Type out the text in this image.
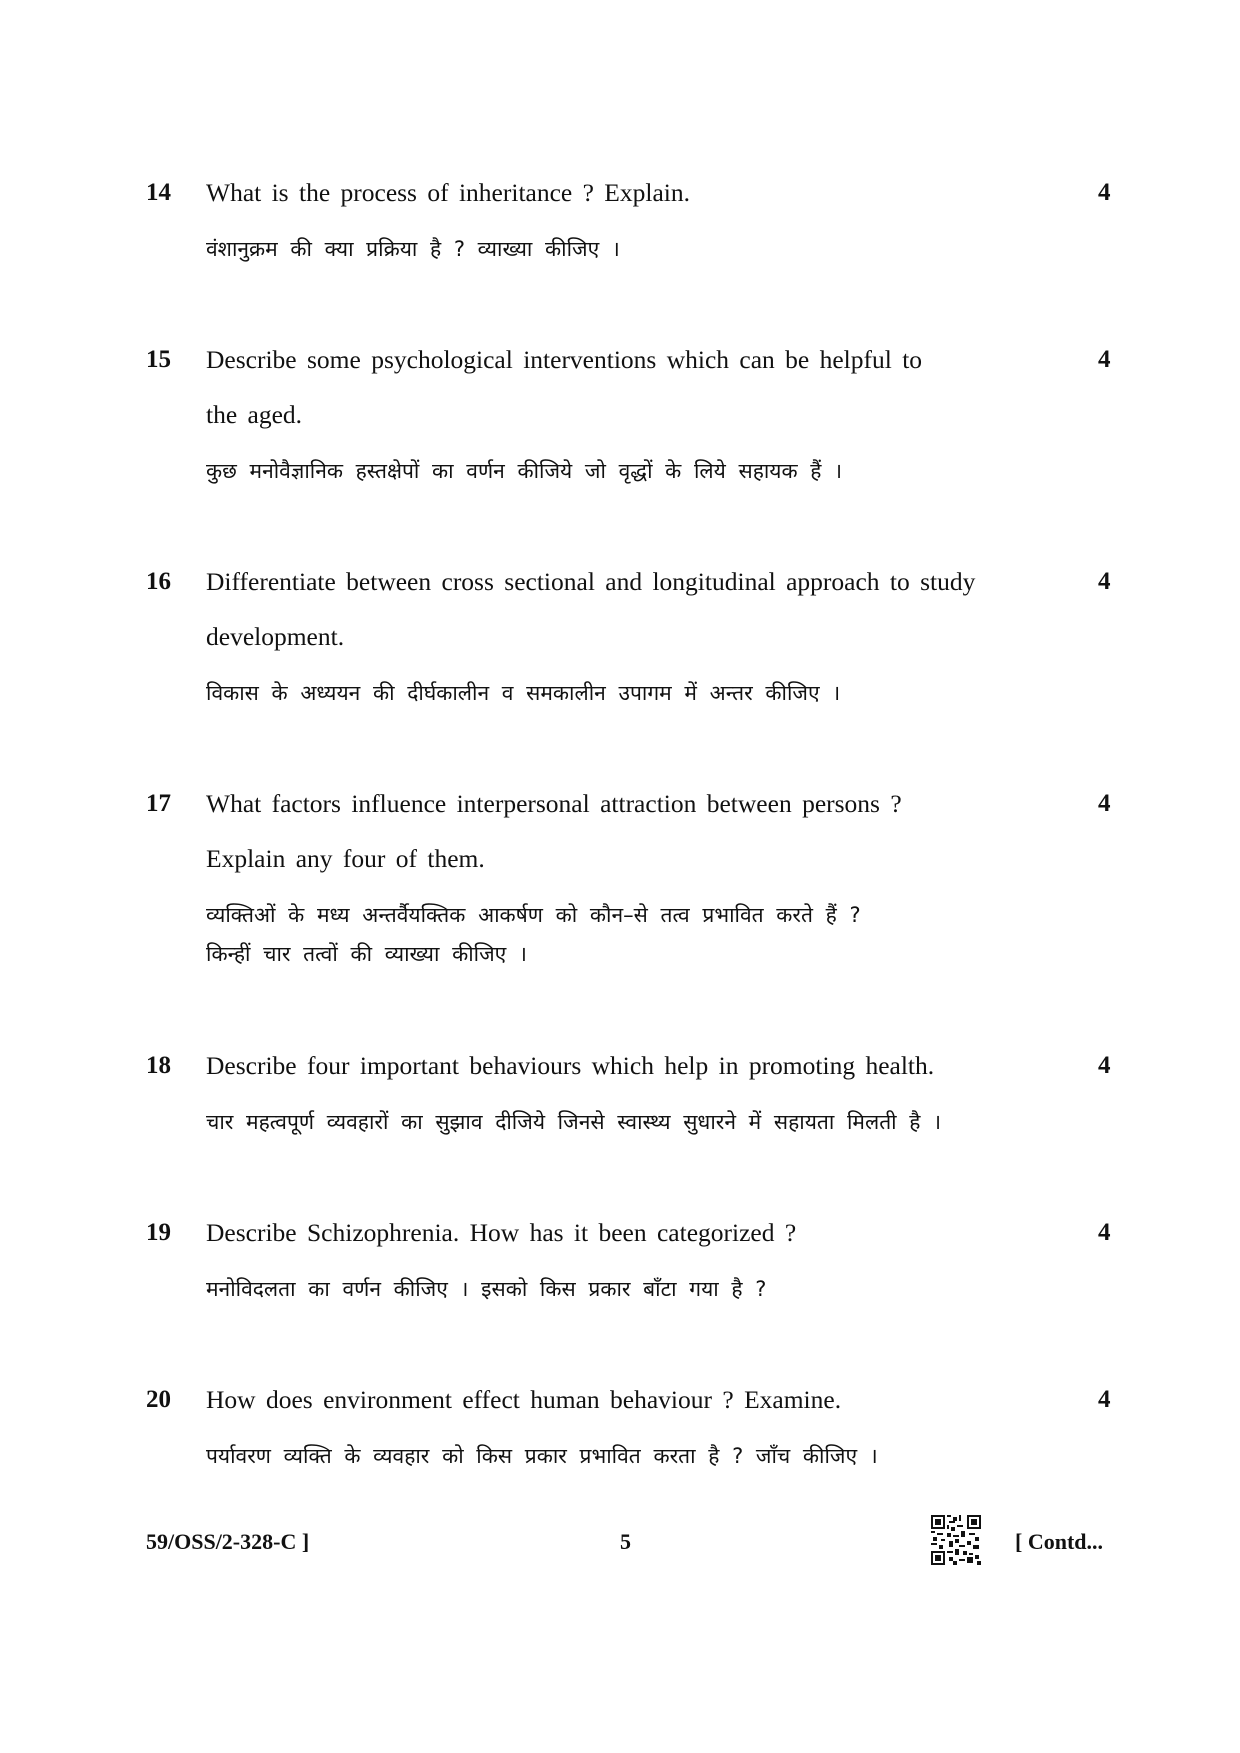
14 What is the process of inheritance ? Explain.
वंशानुक्रम की क्या प्रक्रिया है ? व्याख्या कीजिए ।
4
15 Describe some psychological interventions which can be helpful to
the aged.
कुछ मनोवैज्ञानिक हस्तक्षेपों का वर्णन कीजिये जो वृद्धों के लिये सहायक हैं ।
4
16 Differentiate between cross sectional and longitudinal approach to study
development.
विकास के अध्ययन की दीर्घकालीन व समकालीन उपागम में अन्तर कीजिए ।
4
17 What factors influence interpersonal attraction between persons ?
Explain any four of them.
व्यक्तिओं के मध्य अन्तर्वैयक्तिक आकर्षण को कौन–से तत्व प्रभावित करते हैं ?
किन्हीं चार तत्वों की व्याख्या कीजिए ।
4
18 Describe four important behaviours which help in promoting health.
चार महत्वपूर्ण व्यवहारों का सुझाव दीजिये जिनसे स्वास्थ्य सुधारने में सहायता मिलती है ।
4
19 Describe Schizophrenia. How has it been categorized ?
मनोविदलता का वर्णन कीजिए । इसको किस प्रकार बाँटा गया है ?
4
20 How does environment effect human behaviour ? Examine.
पर्यावरण व्यक्ति के व्यवहार को किस प्रकार प्रभावित करता है ? जाँच कीजिए ।
4
59/OSS/2-328-C ]	5	[ Contd...
